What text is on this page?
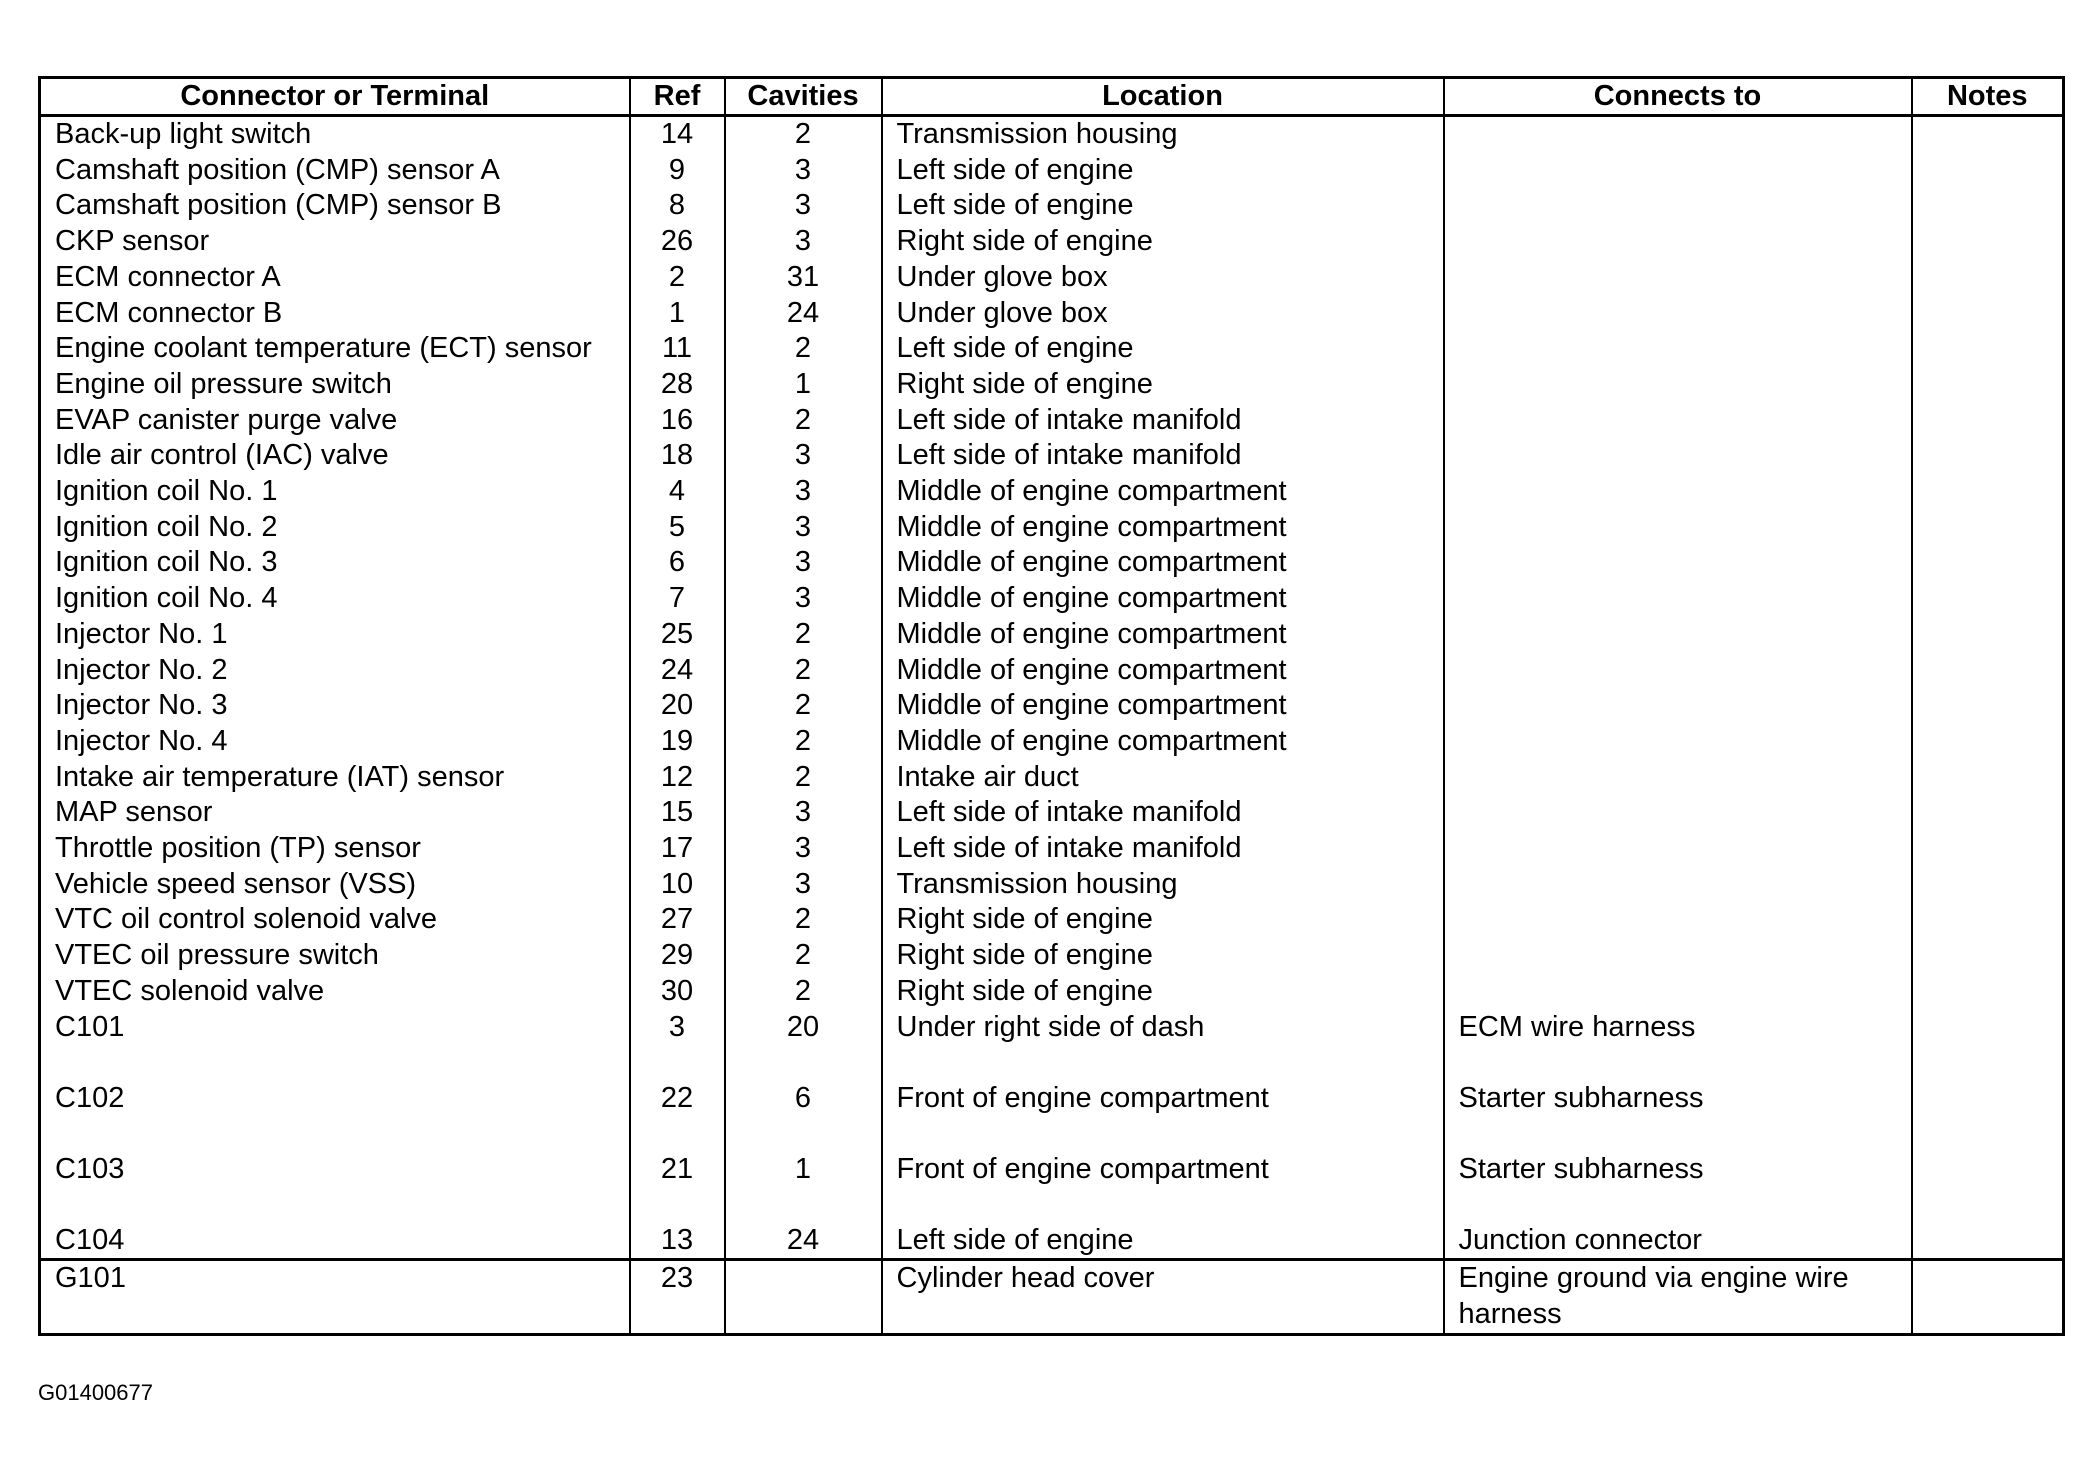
Connector or Terminal	Ref	Cavities	Location	Connects to	Notes
Back-up light switch	14	2	Transmission housing		
Camshaft position (CMP) sensor A	9	3	Left side of engine		
Camshaft position (CMP) sensor B	8	3	Left side of engine		
CKP sensor	26	3	Right side of engine		
ECM connector A	2	31	Under glove box		
ECM connector B	1	24	Under glove box		
Engine coolant temperature (ECT) sensor	11	2	Left side of engine		
Engine oil pressure switch	28	1	Right side of engine		
EVAP canister purge valve	16	2	Left side of intake manifold		
Idle air control (IAC) valve	18	3	Left side of intake manifold		
Ignition coil No. 1	4	3	Middle of engine compartment		
Ignition coil No. 2	5	3	Middle of engine compartment		
Ignition coil No. 3	6	3	Middle of engine compartment		
Ignition coil No. 4	7	3	Middle of engine compartment		
Injector No. 1	25	2	Middle of engine compartment		
Injector No. 2	24	2	Middle of engine compartment		
Injector No. 3	20	2	Middle of engine compartment		
Injector No. 4	19	2	Middle of engine compartment		
Intake air temperature (IAT) sensor	12	2	Intake air duct		
MAP sensor	15	3	Left side of intake manifold		
Throttle position (TP) sensor	17	3	Left side of intake manifold		
Vehicle speed sensor (VSS)	10	3	Transmission housing		
VTC oil control solenoid valve	27	2	Right side of engine		
VTEC oil pressure switch	29	2	Right side of engine		
VTEC solenoid valve	30	2	Right side of engine		
C101	3	20	Under right side of dash	ECM wire harness	
C102	22	6	Front of engine compartment	Starter subharness	
C103	21	1	Front of engine compartment	Starter subharness	
C104	13	24	Left side of engine	Junction connector	
G101	23		Cylinder head cover	Engine ground via engine wire harness	
G01400677
